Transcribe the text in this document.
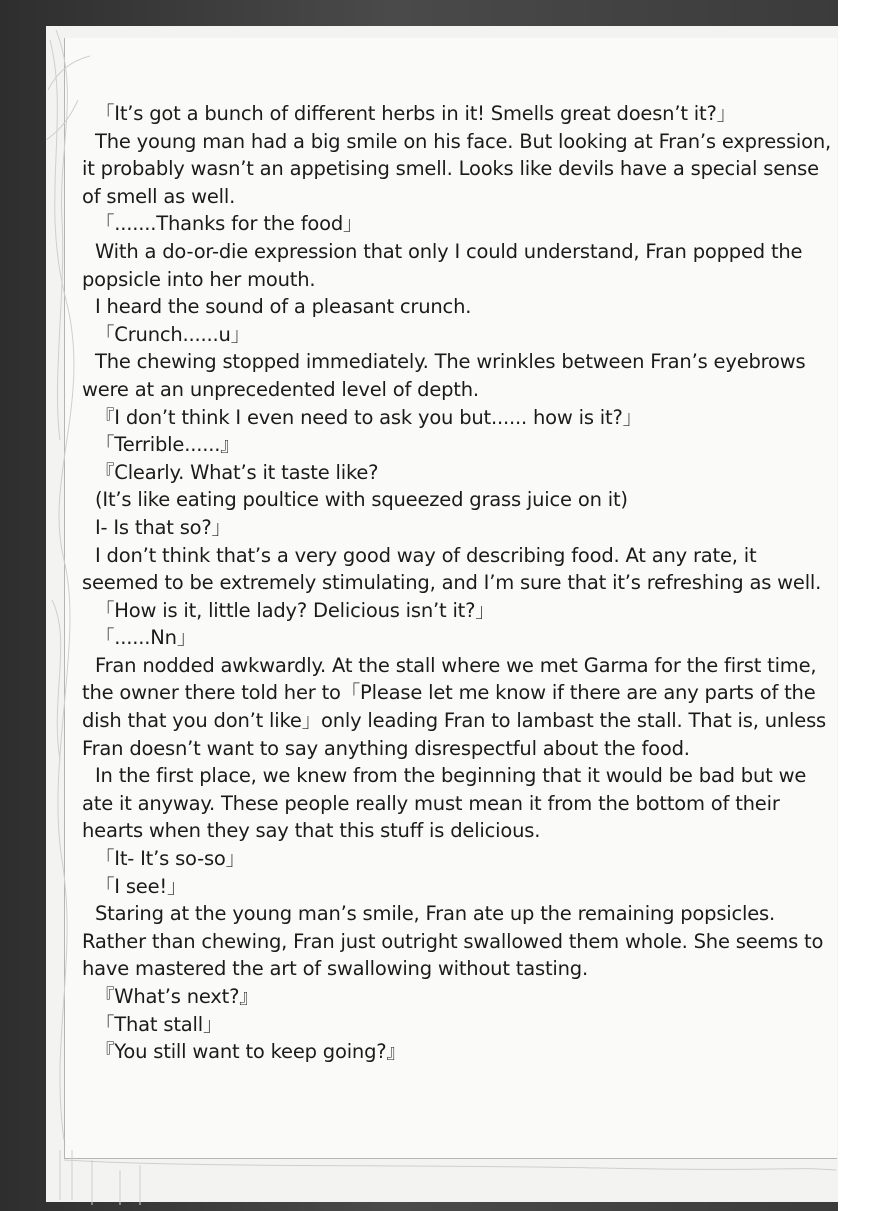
「It’s got a bunch of different herbs in it! Smells great doesn’t it?」

The young man had a big smile on his face. But looking at Fran’s expression, it probably wasn’t an appetising smell. Looks like devils have a special sense of smell as well.

「.......Thanks for the food」

With a do-or-die expression that only I could understand, Fran popped the popsicle into her mouth.

I heard the sound of a pleasant crunch.

「Crunch......u」

The chewing stopped immediately. The wrinkles between Fran’s eyebrows were at an unprecedented level of depth.

『I don’t think I even need to ask you but...... how is it?」

「Terrible......』

『Clearly. What’s it taste like?

(It’s like eating poultice with squeezed grass juice on it)

I- Is that so?」

I don’t think that’s a very good way of describing food. At any rate, it seemed to be extremely stimulating, and I’m sure that it’s refreshing as well.

「How is it, little lady? Delicious isn’t it?」

「......Nn」

Fran nodded awkwardly. At the stall where we met Garma for the first time, the owner there told her to「Please let me know if there are any parts of the dish that you don’t like」only leading Fran to lambast the stall. That is, unless Fran doesn’t want to say anything disrespectful about the food.

In the first place, we knew from the beginning that it would be bad but we ate it anyway. These people really must mean it from the bottom of their hearts when they say that this stuff is delicious.

「It- It’s so-so」

「I see!」

Staring at the young man’s smile, Fran ate up the remaining popsicles. Rather than chewing, Fran just outright swallowed them whole. She seems to have mastered the art of swallowing without tasting.

『What’s next?』

「That stall」

『You still want to keep going?』
